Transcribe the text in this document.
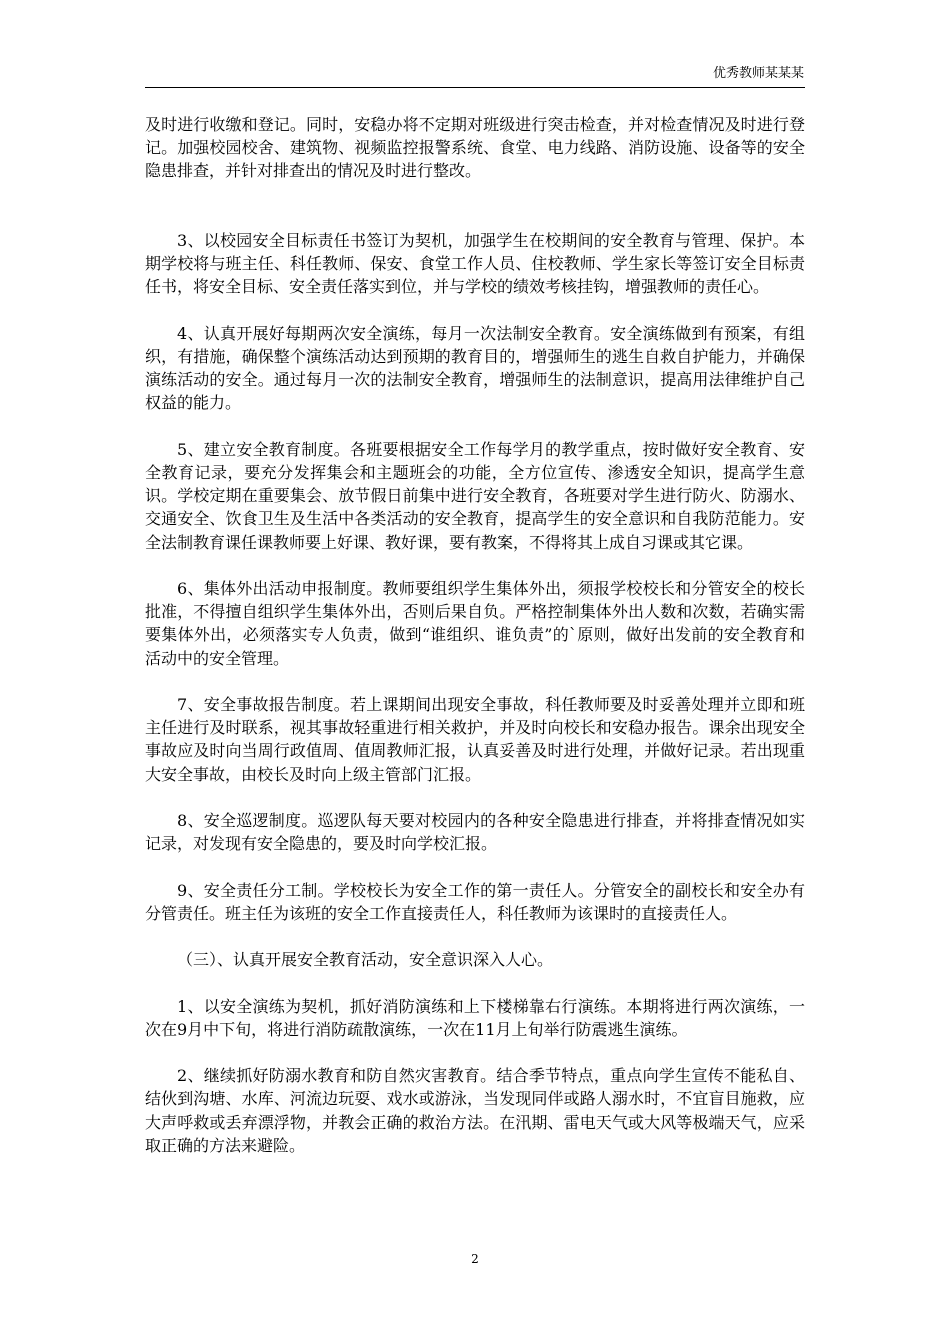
优秀教师某某某

及时进行收缴和登记。同时，安稳办将不定期对班级进行突击检查，并对检查情况及时进行登记。加强校园校舍、建筑物、视频监控报警系统、食堂、电力线路、消防设施、设备等的安全隐患排查，并针对排查出的情况及时进行整改。

3、以校园安全目标责任书签订为契机，加强学生在校期间的安全教育与管理、保护。本期学校将与班主任、科任教师、保安、食堂工作人员、住校教师、学生家长等签订安全目标责任书，将安全目标、安全责任落实到位，并与学校的绩效考核挂钩，增强教师的责任心。

4、认真开展好每期两次安全演练，每月一次法制安全教育。安全演练做到有预案，有组织，有措施，确保整个演练活动达到预期的教育目的，增强师生的逃生自救自护能力，并确保演练活动的安全。通过每月一次的法制安全教育，增强师生的法制意识，提高用法律维护自己权益的能力。

5、建立安全教育制度。各班要根据安全工作每学月的教学重点，按时做好安全教育、安全教育记录，要充分发挥集会和主题班会的功能，全方位宣传、渗透安全知识，提高学生意识。学校定期在重要集会、放节假日前集中进行安全教育，各班要对学生进行防火、防溺水、交通安全、饮食卫生及生活中各类活动的安全教育，提高学生的安全意识和自我防范能力。安全法制教育课任课教师要上好课、教好课，要有教案，不得将其上成自习课或其它课。

6、集体外出活动申报制度。教师要组织学生集体外出，须报学校校长和分管安全的校长批准，不得擅自组织学生集体外出，否则后果自负。严格控制集体外出人数和次数，若确实需要集体外出，必须落实专人负责，做到“谁组织、谁负责”的`原则，做好出发前的安全教育和活动中的安全管理。

7、安全事故报告制度。若上课期间出现安全事故，科任教师要及时妥善处理并立即和班主任进行及时联系，视其事故轻重进行相关救护，并及时向校长和安稳办报告。课余出现安全事故应及时向当周行政值周、值周教师汇报，认真妥善及时进行处理，并做好记录。若出现重大安全事故，由校长及时向上级主管部门汇报。

8、安全巡逻制度。巡逻队每天要对校园内的各种安全隐患进行排查，并将排查情况如实记录，对发现有安全隐患的，要及时向学校汇报。

9、安全责任分工制。学校校长为安全工作的第一责任人。分管安全的副校长和安全办有分管责任。班主任为该班的安全工作直接责任人，科任教师为该课时的直接责任人。

（三）、认真开展安全教育活动，安全意识深入人心。

1、以安全演练为契机，抓好消防演练和上下楼梯靠右行演练。本期将进行两次演练，一次在9月中下旬，将进行消防疏散演练，一次在11月上旬举行防震逃生演练。

2、继续抓好防溺水教育和防自然灾害教育。结合季节特点，重点向学生宣传不能私自、结伙到沟塘、水库、河流边玩耍、戏水或游泳，当发现同伴或路人溺水时，不宜盲目施救，应大声呼救或丢弃漂浮物，并教会正确的救治方法。在汛期、雷电天气或大风等极端天气，应采取正确的方法来避险。

2
